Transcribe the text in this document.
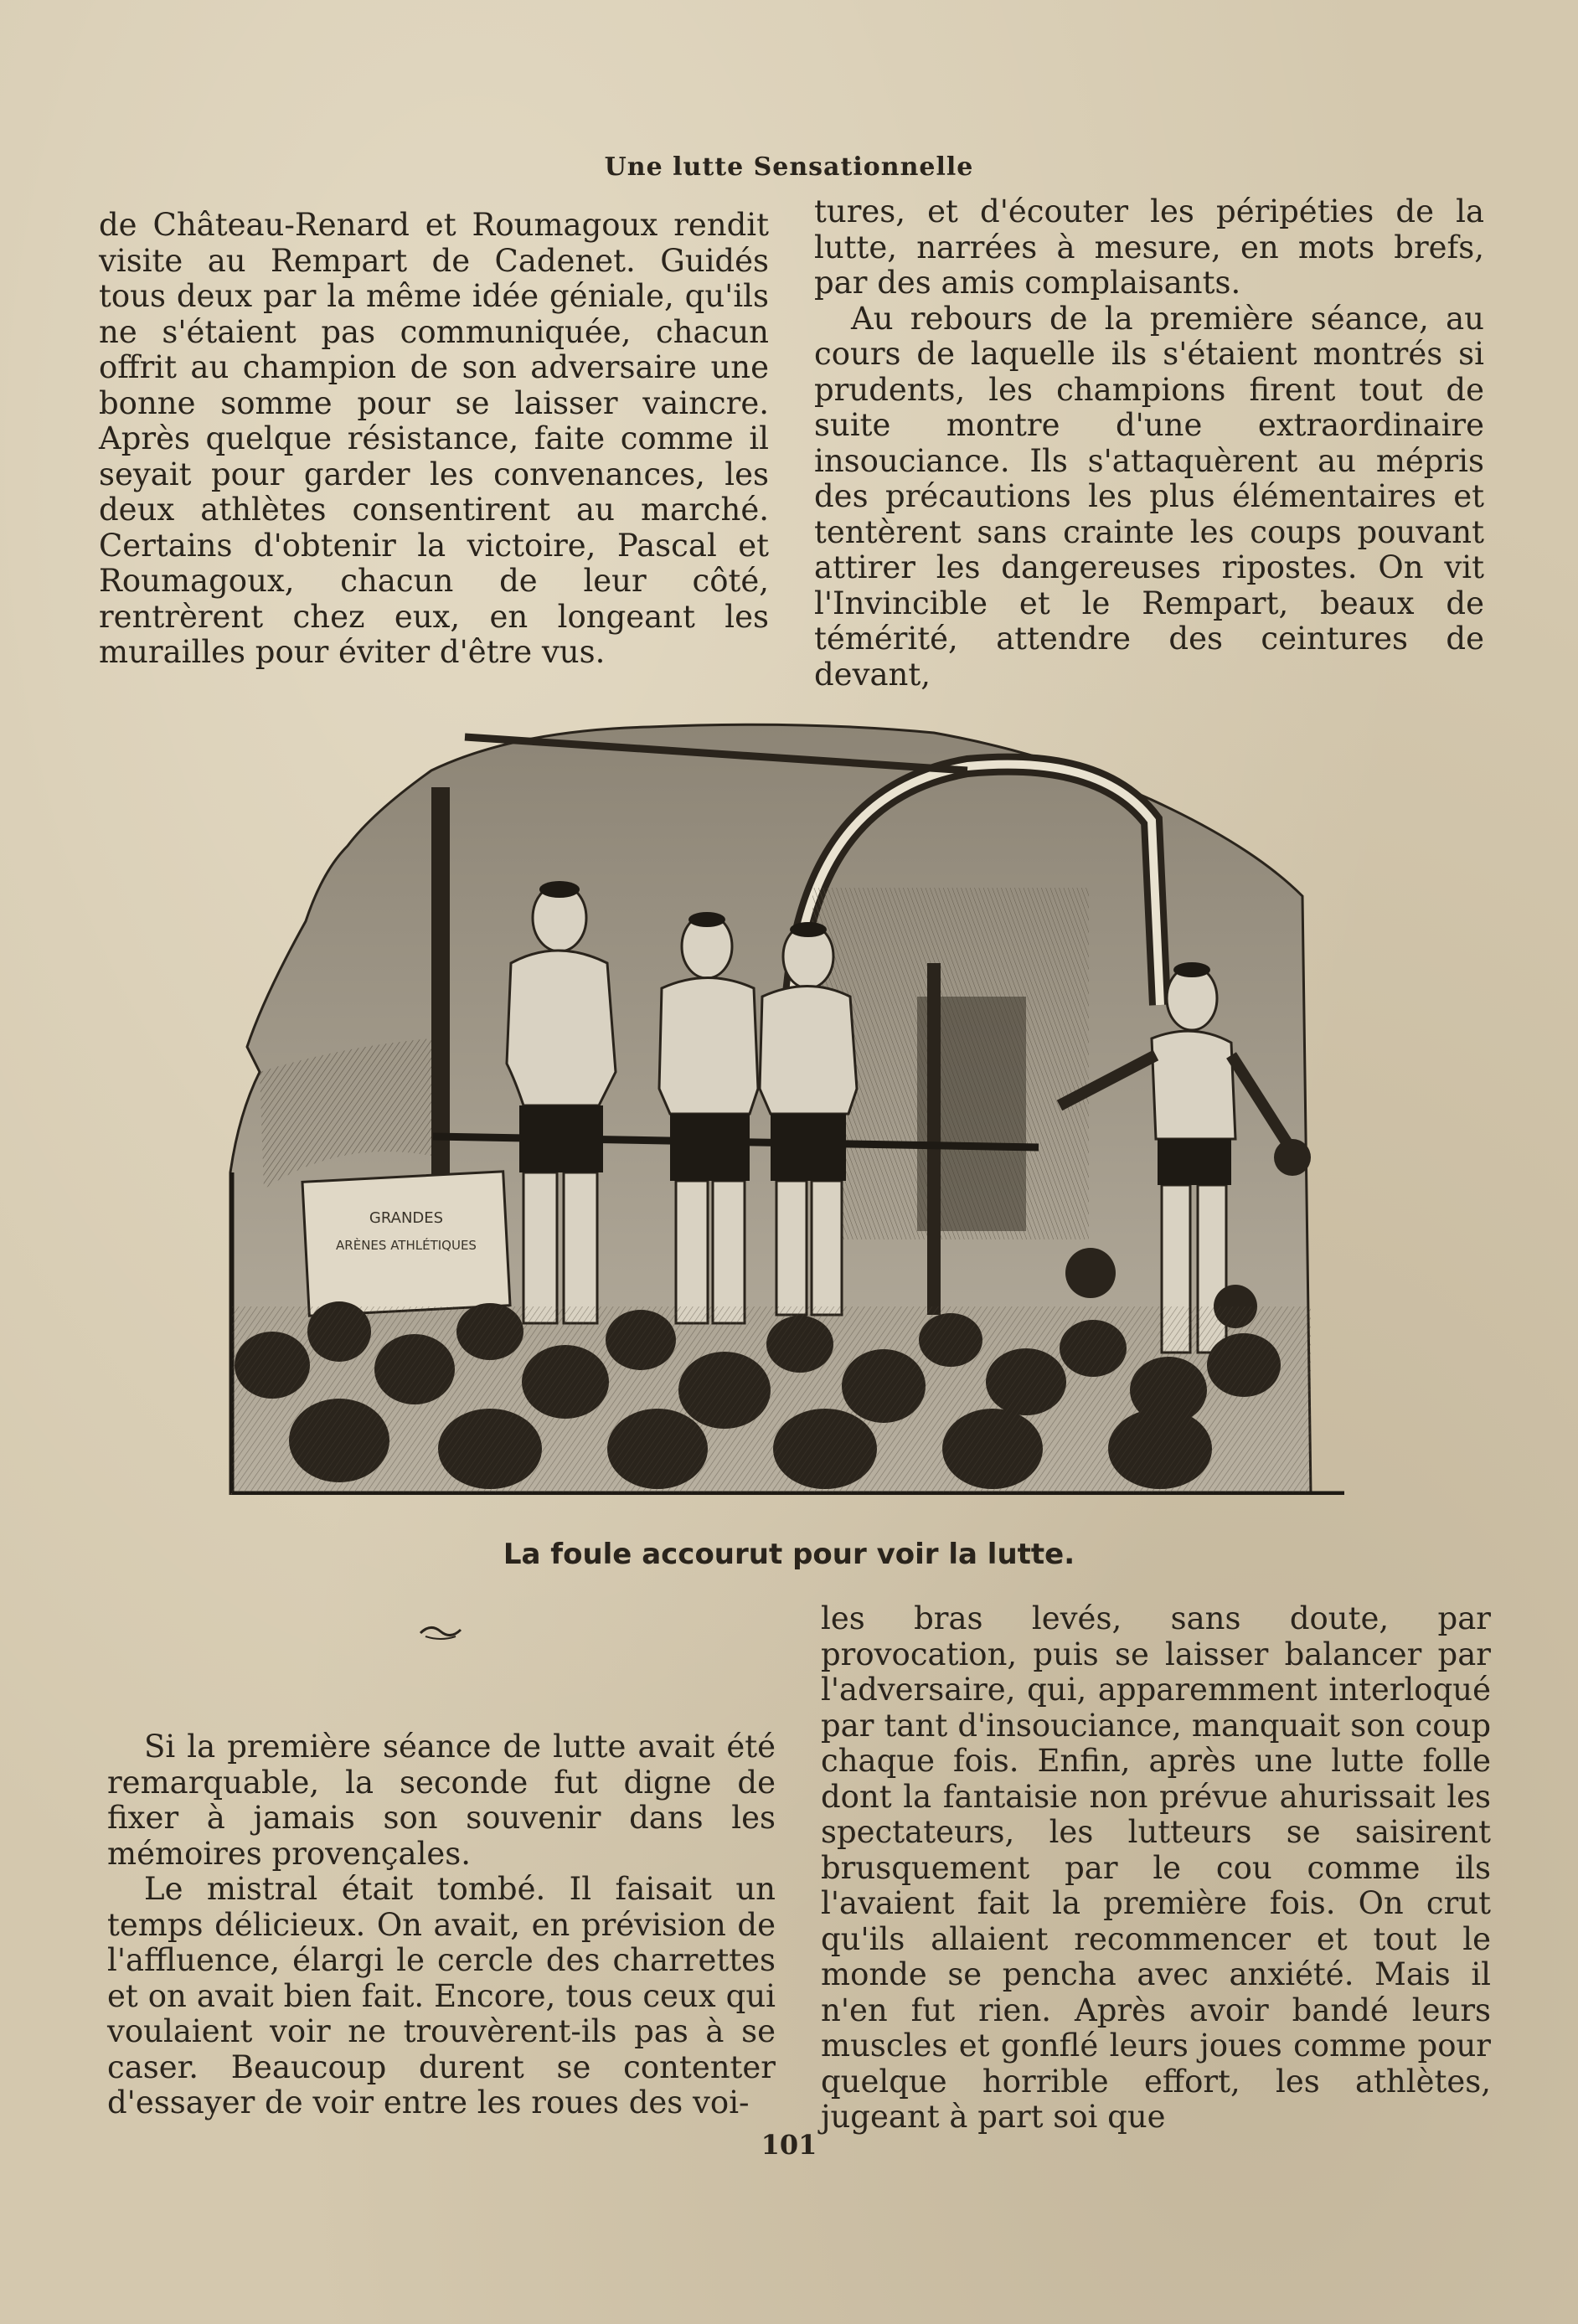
Une lutte Sensationnelle

de Château-Renard et Roumagoux rendit visite au Rempart de Cadenet. Guidés tous deux par la même idée géniale, qu'ils ne s'étaient pas communiquée, chacun offrit au champion de son adversaire une bonne somme pour se laisser vaincre. Après quelque résistance, faite comme il seyait pour garder les convenances, les deux athlètes consentirent au marché. Certains d'obtenir la victoire, Pascal et Roumagoux, chacun de leur côté, rentrèrent chez eux, en longeant les murailles pour éviter d'être vus.

tures, et d'écouter les péripéties de la lutte, narrées à mesure, en mots brefs, par des amis complaisants.

Au rebours de la première séance, au cours de laquelle ils s'étaient montrés si prudents, les champions firent tout de suite montre d'une extraordinaire insouciance. Ils s'attaquèrent au mépris des précautions les plus élémentaires et tentèrent sans crainte les coups pouvant attirer les dangereuses ripostes. On vit l'Invincible et le Rempart, beaux de témérité, attendre des ceintures de devant,

GRANDES
ARÈNES ATHLÉTIQUES
La foule accourut pour voir la lutte.

Si la première séance de lutte avait été remarquable, la seconde fut digne de fixer à jamais son souvenir dans les mémoires provençales.

Le mistral était tombé. Il faisait un temps délicieux. On avait, en prévision de l'affluence, élargi le cercle des charrettes et on avait bien fait. Encore, tous ceux qui voulaient voir ne trouvèrent-ils pas à se caser. Beaucoup durent se contenter d'essayer de voir entre les roues des voi-

les bras levés, sans doute, par provocation, puis se laisser balancer par l'adversaire, qui, apparemment interloqué par tant d'insouciance, manquait son coup chaque fois. Enfin, après une lutte folle dont la fantaisie non prévue ahurissait les spectateurs, les lutteurs se saisirent brusquement par le cou comme ils l'avaient fait la première fois. On crut qu'ils allaient recommencer et tout le monde se pencha avec anxiété. Mais il n'en fut rien. Après avoir bandé leurs muscles et gonflé leurs joues comme pour quelque horrible effort, les athlètes, jugeant à part soi que

101
